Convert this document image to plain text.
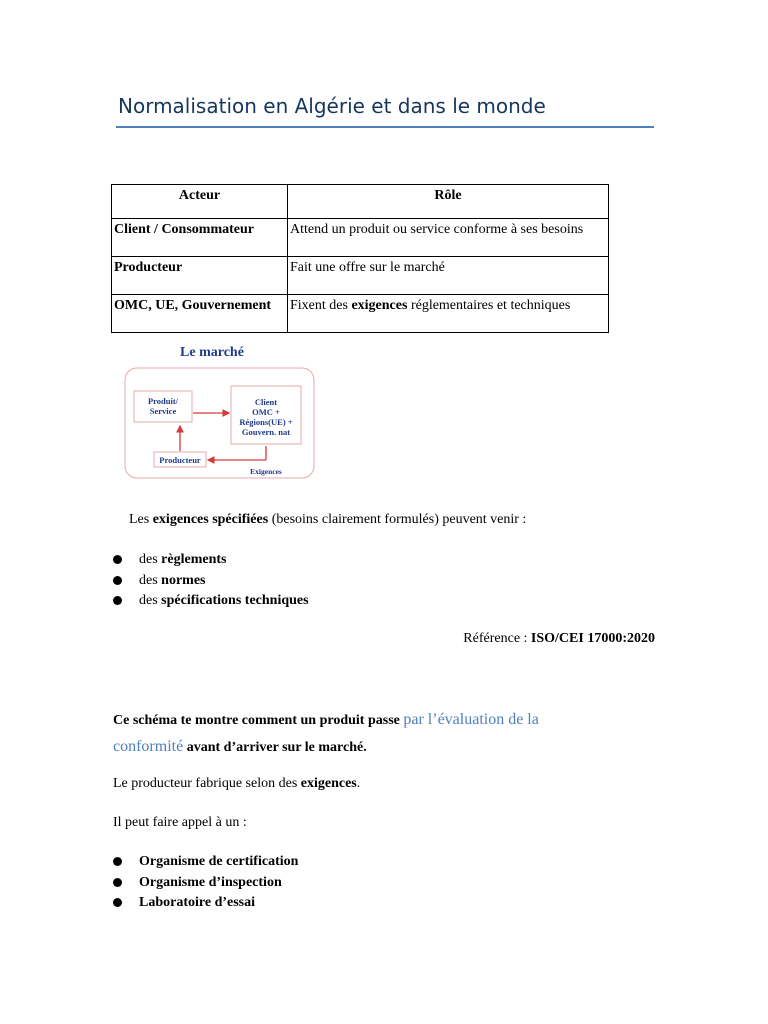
Normalisation en Algérie et dans le monde
Acteur	Rôle
Client / Consommateur	Attend un produit ou service conforme à ses besoins
Producteur	Fait une offre sur le marché
OMC, UE, Gouvernement	Fixent des exigences réglementaires et techniques
Le marché
Produit/
Service
Client
OMC +
Régions(UE) +
Gouvern. nat
Producteur
Exigences
Les exigences spécifiées (besoins clairement formulés) peuvent venir :
des règlements
des normes
des spécifications techniques
Référence : ISO/CEI 17000:2020
Ce schéma te montre comment un produit passe par l’évaluation de la
conformité avant d’arriver sur le marché.
Le producteur fabrique selon des exigences.
Il peut faire appel à un :
Organisme de certification
Organisme d’inspection
Laboratoire d’essai
